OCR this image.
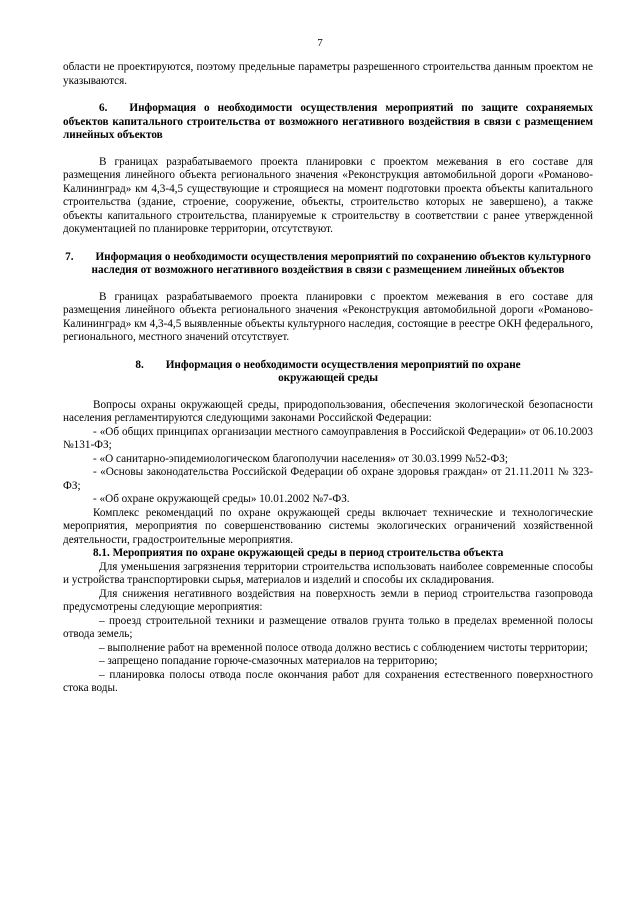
7

области не проектируются, поэтому предельные параметры разрешенного строительства данным проектом не указываются.

6. Информация о необходимости осуществления мероприятий по защите сохраняемых объектов капитального строительства от возможного негативного воздействия в связи с размещением линейных объектов

В границах разрабатываемого проекта планировки с проектом межевания в его составе для размещения линейного объекта регионального значения «Реконструкция автомобильной дороги «Романово-Калининград» км 4,3-4,5 существующие и строящиеся на момент подготовки проекта объекты капитального строительства (здание, строение, сооружение, объекты, строительство которых не завершено), а также объекты капитального строительства, планируемые к строительству в соответствии с ранее утвержденной документацией по планировке территории, отсутствуют.

7. Информация о необходимости осуществления мероприятий по сохранению объектов культурного наследия от возможного негативного воздействия в связи с размещением линейных объектов

В границах разрабатываемого проекта планировки с проектом межевания в его составе для размещения линейного объекта регионального значения «Реконструкция автомобильной дороги «Романово-Калининград» км 4,3-4,5 выявленные объекты культурного наследия, состоящие в реестре ОКН федерального, регионального, местного значений отсутствует.

8. Информация о необходимости осуществления мероприятий по охране окружающей среды

Вопросы охраны окружающей среды, природопользования, обеспечения экологической безопасности населения регламентируются следующими законами Российской Федерации:

- «Об общих принципах организации местного самоуправления в Российской Федерации» от 06.10.2003 №131-ФЗ;

- «О санитарно-эпидемиологическом благополучии населения» от 30.03.1999 №52-ФЗ;

- «Основы законодательства Российской Федерации об охране здоровья граждан» от 21.11.2011 № 323-ФЗ;

- «Об охране окружающей среды» 10.01.2002 №7-ФЗ.

Комплекс рекомендаций по охране окружающей среды включает технические и технологические мероприятия, мероприятия по совершенствованию системы экологических ограничений хозяйственной деятельности, градостроительные мероприятия.

8.1. Мероприятия по охране окружающей среды в период строительства объекта

Для уменьшения загрязнения территории строительства использовать наиболее современные способы и устройства транспортировки сырья, материалов и изделий и способы их складирования.

Для снижения негативного воздействия на поверхность земли в период строительства газопровода предусмотрены следующие мероприятия:

– проезд строительной техники и размещение отвалов грунта только в пределах временной полосы отвода земель;

– выполнение работ на временной полосе отвода должно вестись с соблюдением чистоты территории;

– запрещено попадание горюче-смазочных материалов на территорию;

– планировка полосы отвода после окончания работ для сохранения естественного поверхностного стока воды.
